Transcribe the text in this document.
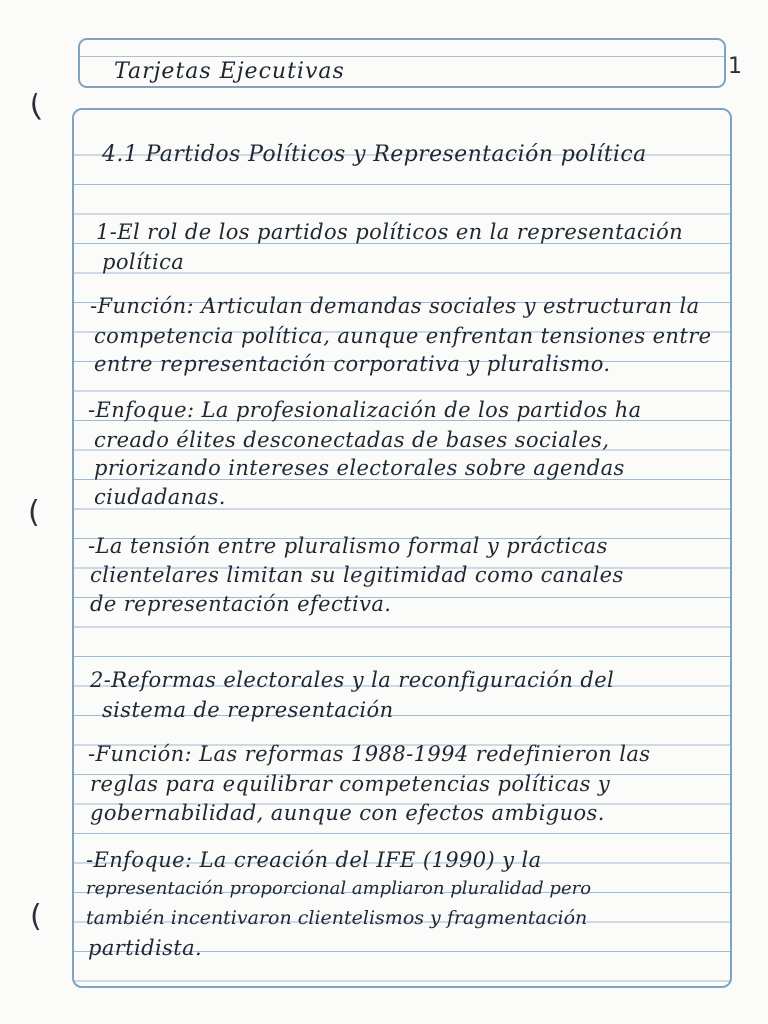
(
(
(
1
Tarjetas Ejecutivas
4.1 Partidos Políticos y Representación política
1-El rol de los partidos políticos en la representación
política
-Función: Articulan demandas sociales y estructuran la
competencia política, aunque enfrentan tensiones entre
entre representación corporativa y pluralismo.
-Enfoque: La profesionalización de los partidos ha
creado élites desconectadas de bases sociales,
priorizando intereses electorales sobre agendas
ciudadanas.
-La tensión entre pluralismo formal y prácticas
clientelares limitan su legitimidad como canales
de representación efectiva.
2-Reformas electorales y la reconfiguración del
sistema de representación
-Función: Las reformas 1988-1994 redefinieron las
reglas para equilibrar competencias políticas y
gobernabilidad, aunque con efectos ambiguos.
-Enfoque: La creación del IFE (1990) y la
representación proporcional ampliaron pluralidad pero
también incentivaron clientelismos y fragmentación
partidista.
